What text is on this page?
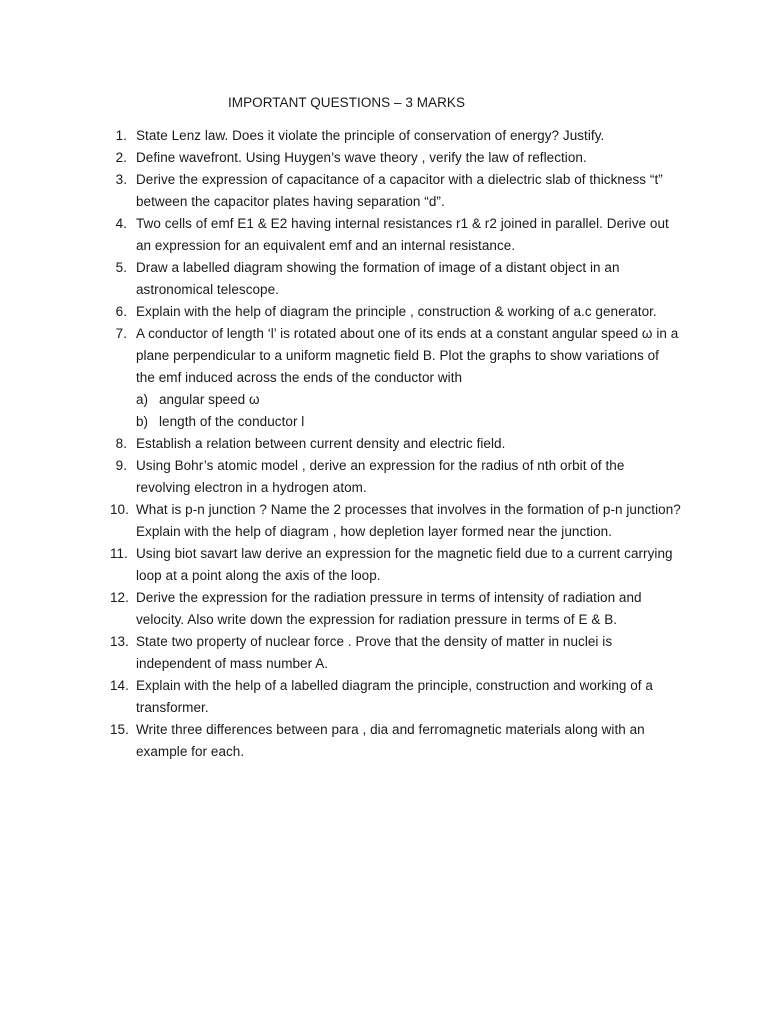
IMPORTANT QUESTIONS – 3 MARKS
1. State Lenz law. Does it violate the principle of conservation of energy? Justify.
2. Define wavefront. Using Huygen’s wave theory , verify the law of reflection.
3. Derive the expression of capacitance of a capacitor with a dielectric slab of thickness “t” between the capacitor plates having separation “d”.
4. Two cells of emf E1 & E2 having internal resistances r1 & r2 joined in parallel. Derive out an expression for an equivalent emf and an internal resistance.
5. Draw a labelled diagram showing the formation of image of a distant object in an astronomical telescope.
6. Explain with the help of diagram the principle , construction & working of a.c generator.
7. A conductor of length ‘l’ is rotated about one of its ends at a constant angular speed ω in a plane perpendicular to a uniform magnetic field B. Plot the graphs to show variations of the emf induced across the ends of the conductor with
a) angular speed ω
b) length of the conductor l
8. Establish a relation between current density and electric field.
9. Using Bohr’s atomic model , derive an expression for the radius of nth orbit of the revolving electron in a hydrogen atom.
10. What is p-n junction ? Name the 2 processes that involves in the formation of p-n junction? Explain with the help of diagram , how depletion layer formed near the junction.
11. Using biot savart law derive an expression for the magnetic field due to a current carrying loop at a point along the axis of the loop.
12. Derive the expression for the radiation pressure in terms of intensity of radiation and velocity. Also write down the expression for radiation pressure in terms of E & B.
13. State two property of nuclear force . Prove that the density of matter in nuclei is independent of mass number A.
14. Explain with the help of a labelled diagram the principle, construction and working of a transformer.
15. Write three differences between para , dia and ferromagnetic materials along with an example for each.
